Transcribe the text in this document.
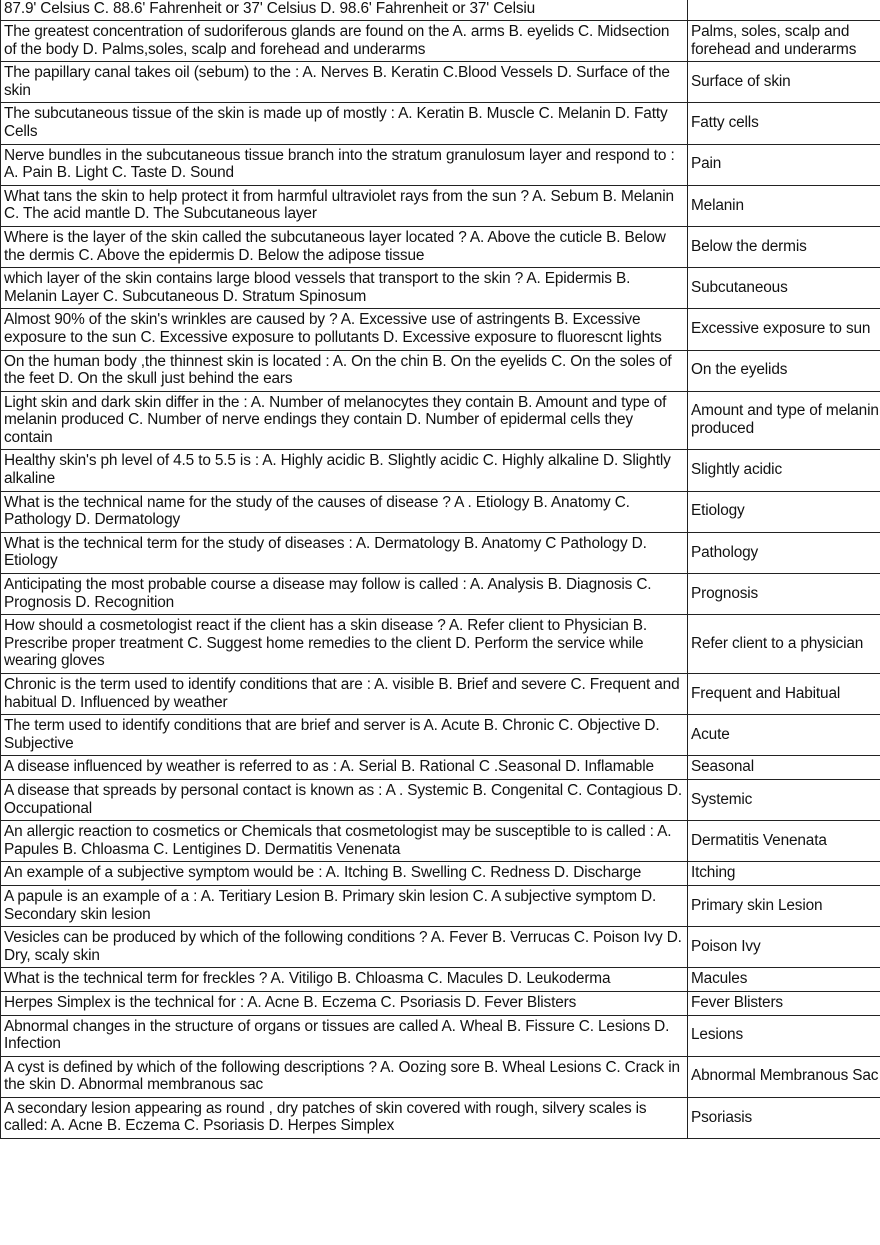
87.9' Celsius C. 88.6' Fahrenheit or 37' Celsius D. 98.6' Fahrenheit or 37' Celsiu	
The greatest concentration of sudoriferous glands are found on the A. arms B. eyelids C. Midsection of the body D. Palms,soles, scalp and forehead and underarms	Palms, soles, scalp and forehead and underarms
The papillary canal takes oil (sebum) to the : A. Nerves B. Keratin C.Blood Vessels D. Surface of the skin	Surface of skin
The subcutaneous tissue of the skin is made up of mostly : A. Keratin B. Muscle C. Melanin D. Fatty Cells	Fatty cells
Nerve bundles in the subcutaneous tissue branch into the stratum granulosum layer and respond to : A. Pain B. Light C. Taste D. Sound	Pain
What tans the skin to help protect it from harmful ultraviolet rays from the sun ? A. Sebum B. Melanin C. The acid mantle D. The Subcutaneous layer	Melanin
Where is the layer of the skin called the subcutaneous layer located ? A. Above the cuticle B. Below the dermis C. Above the epidermis D. Below the adipose tissue	Below the dermis
which layer of the skin contains large blood vessels that transport to the skin ? A. Epidermis B. Melanin Layer C. Subcutaneous D. Stratum Spinosum	Subcutaneous
Almost 90% of the skin's wrinkles are caused by ? A. Excessive use of astringents B. Excessive exposure to the sun C. Excessive exposure to pollutants D. Excessive exposure to fluorescnt lights	Excessive exposure to sun
On the human body ,the thinnest skin is located : A. On the chin B. On the eyelids C. On the soles of the feet D. On the skull just behind the ears	On the eyelids
Light skin and dark skin differ in the : A. Number of melanocytes they contain B. Amount and type of melanin produced C. Number of nerve endings they contain D. Number of epidermal cells they contain	Amount and type of melanin produced
Healthy skin's ph level of 4.5 to 5.5 is : A. Highly acidic B. Slightly acidic C. Highly alkaline D. Slightly alkaline	Slightly acidic
What is the technical name for the study of the causes of disease ? A . Etiology B. Anatomy C. Pathology D. Dermatology	Etiology
What is the technical term for the study of diseases : A. Dermatology B. Anatomy C Pathology D. Etiology	Pathology
Anticipating the most probable course a disease may follow is called : A. Analysis B. Diagnosis C. Prognosis D. Recognition	Prognosis
How should a cosmetologist react if the client has a skin disease ? A. Refer client to Physician B. Prescribe proper treatment C. Suggest home remedies to the client D. Perform the service while wearing gloves	Refer client to a physician
Chronic is the term used to identify conditions that are : A. visible B. Brief and severe C. Frequent and habitual D. Influenced by weather	Frequent and Habitual
The term used to identify conditions that are brief and server is A. Acute B. Chronic C. Objective D. Subjective	Acute
A disease influenced by weather is referred to as : A. Serial B. Rational C .Seasonal D. Inflamable	Seasonal
A disease that spreads by personal contact is known as : A . Systemic B. Congenital C. Contagious D. Occupational	Systemic
An allergic reaction to cosmetics or Chemicals that cosmetologist may be susceptible to is called : A. Papules B. Chloasma C. Lentigines D. Dermatitis Venenata	Dermatitis Venenata
An example of a subjective symptom would be : A. Itching B. Swelling C. Redness D. Discharge	Itching
A papule is an example of a : A. Teritiary Lesion B. Primary skin lesion C. A subjective symptom D. Secondary skin lesion	Primary skin Lesion
Vesicles can be produced by which of the following conditions ? A. Fever B. Verrucas C. Poison Ivy D. Dry, scaly skin	Poison Ivy
What is the technical term for freckles ? A. Vitiligo B. Chloasma C. Macules D. Leukoderma	Macules
Herpes Simplex is the technical for : A. Acne B. Eczema C. Psoriasis D. Fever Blisters	Fever Blisters
Abnormal changes in the structure of organs or tissues are called A. Wheal B. Fissure C. Lesions D. Infection	Lesions
A cyst is defined by which of the following descriptions ? A. Oozing sore B. Wheal Lesions C. Crack in the skin D. Abnormal membranous sac	Abnormal Membranous Sac
A secondary lesion appearing as round , dry patches of skin covered with rough, silvery scales is called: A. Acne B. Eczema C. Psoriasis D. Herpes Simplex	Psoriasis
